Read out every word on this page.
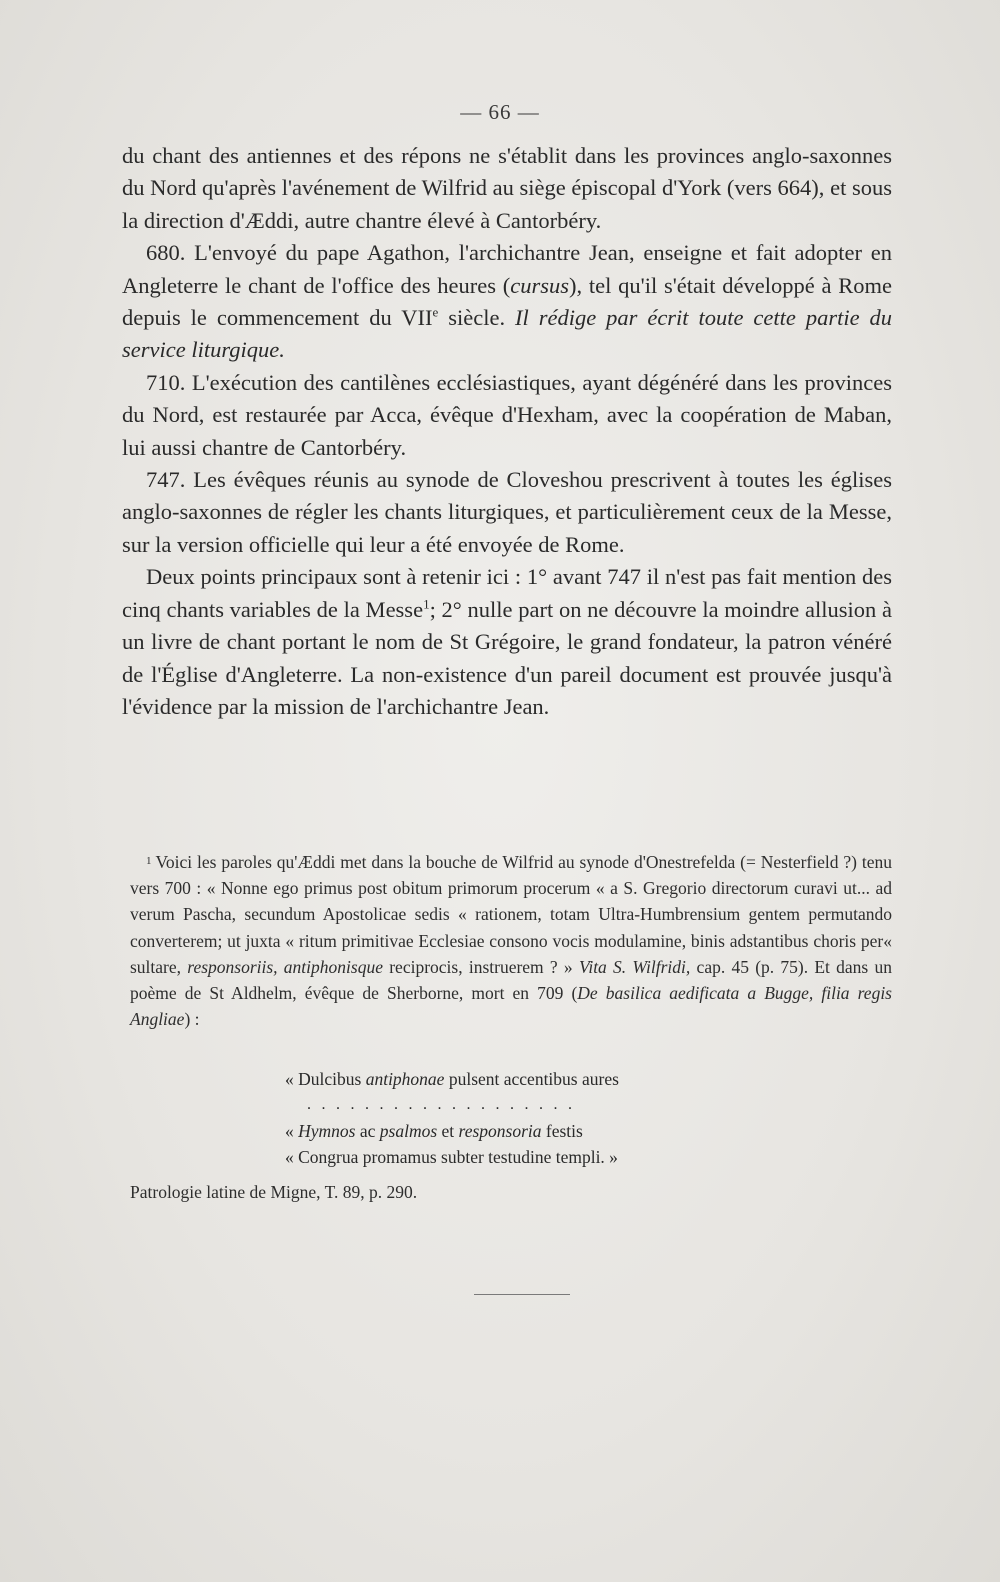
— 66 —

du chant des antiennes et des répons ne s'établit dans les provinces anglo-saxonnes du Nord qu'après l'avénement de Wilfrid au siège épiscopal d'York (vers 664), et sous la direction d'Æddi, autre chantre élevé à Cantorbéry.

680. L'envoyé du pape Agathon, l'archichantre Jean, enseigne et fait adopter en Angleterre le chant de l'office des heures (cursus), tel qu'il s'était développé à Rome depuis le commencement du VIIe siècle. Il rédige par écrit toute cette partie du service liturgique.

710. L'exécution des cantilènes ecclésiastiques, ayant dégénéré dans les provinces du Nord, est restaurée par Acca, évêque d'Hexham, avec la coopération de Maban, lui aussi chantre de Cantorbéry.

747. Les évêques réunis au synode de Cloveshou prescrivent à toutes les églises anglo-saxonnes de régler les chants liturgiques, et particulièrement ceux de la Messe, sur la version officielle qui leur a été envoyée de Rome.

Deux points principaux sont à retenir ici : 1° avant 747 il n'est pas fait mention des cinq chants variables de la Messe$^1$; 2° nulle part on ne découvre la moindre allusion à un livre de chant portant le nom de St Grégoire, le grand fondateur, la patron vénéré de l'Église d'Angleterre. La non-existence d'un pareil document est prouvée jusqu'à l'évidence par la mission de l'archichantre Jean.

$^1$ Voici les paroles qu'Æddi met dans la bouche de Wilfrid au synode d'Onestrefelda (= Nesterfield ?) tenu vers 700 : « Nonne ego primus post obitum primorum procerum « a S. Gregorio directorum curavi ut... ad verum Pascha, secundum Apostolicae sedis « rationem, totam Ultra-Humbrensium gentem permutando converterem; ut juxta « ritum primitivae Ecclesiae consono vocis modulamine, binis adstantibus choris per« sultare, responsoriis, antiphonisque reciprocis, instruerem ? » Vita S. Wilfridi, cap. 45 (p. 75). Et dans un poème de St Aldhelm, évêque de Sherborne, mort en 709 (De basilica aedificata a Bugge, filia regis Angliae) :

« Dulcibus antiphonae pulsent accentibus aures

...................

« Hymnos ac psalmos et responsoria festis

« Congrua promamus subter testudine templi. »

Patrologie latine de Migne, T. 89, p. 290.
